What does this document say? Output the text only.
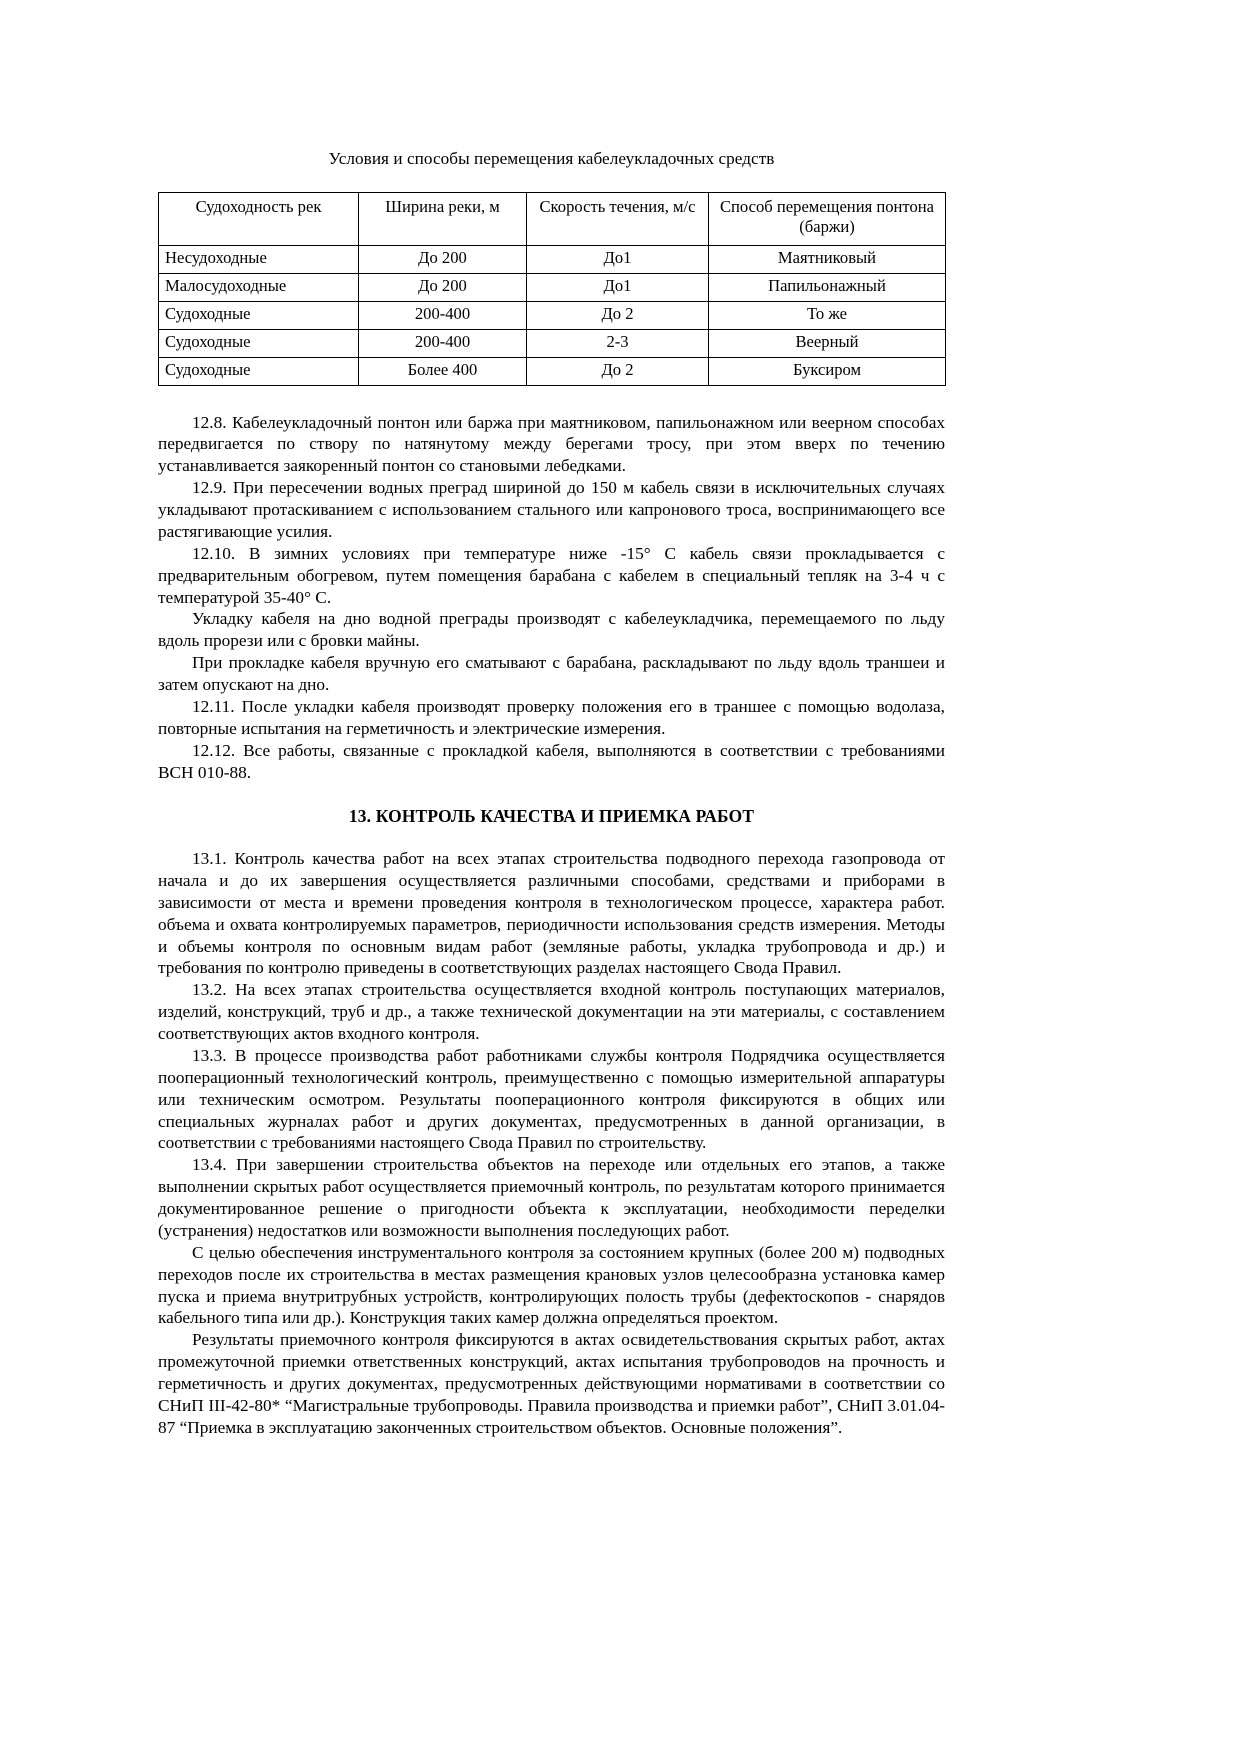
Условия и способы перемещения кабелеукладочных средств
Судоходность рек	Ширина реки, м	Скорость течения, м/с	Способ перемещения понтона (баржи)
Несудоходные	До 200	До1	Маятниковый
Малосудоходные	До 200	До1	Папильонажный
Судоходные	200-400	До 2	То же
Судоходные	200-400	2-3	Веерный
Судоходные	Более 400	До 2	Буксиром

12.8. Кабелеукладочный понтон или баржа при маятниковом, папильонажном или веерном способах передвигается по створу по натянутому между берегами тросу, при этом вверх по течению устанавливается заякоренный понтон со становыми лебедками.

12.9. При пересечении водных преград шириной до 150 м кабель связи в исключительных случаях укладывают протаскиванием с использованием стального или капронового троса, воспринимающего все растягивающие усилия.

12.10. В зимних условиях при температуре ниже -15° С кабель связи прокладывается с предварительным обогревом, путем помещения барабана с кабелем в специальный тепляк на 3-4 ч с температурой 35-40° С.

Укладку кабеля на дно водной преграды производят с кабелеукладчика, перемещаемого по льду вдоль прорези или с бровки майны.

При прокладке кабеля вручную его сматывают с барабана, раскладывают по льду вдоль траншеи и затем опускают на дно.

12.11. После укладки кабеля производят проверку положения его в траншее с помощью водолаза, повторные испытания на герметичность и электрические измерения.

12.12. Все работы, связанные с прокладкой кабеля, выполняются в соответствии с требованиями ВСН 010-88.

13. КОНТРОЛЬ КАЧЕСТВА И ПРИЕМКА РАБОТ

13.1. Контроль качества работ на всех этапах строительства подводного перехода газопровода от начала и до их завершения осуществляется различными способами, средствами и приборами в зависимости от места и времени проведения контроля в технологическом процессе, характера работ. объема и охвата контролируемых параметров, периодичности использования средств измерения. Методы и объемы контроля по основным видам работ (земляные работы, укладка трубопровода и др.) и требования по контролю приведены в соответствующих разделах настоящего Свода Правил.

13.2. На всех этапах строительства осуществляется входной контроль поступающих материалов, изделий, конструкций, труб и др., а также технической документации на эти материалы, с составлением соответствующих актов входного контроля.

13.3. В процессе производства работ работниками службы контроля Подрядчика осуществляется пооперационный технологический контроль, преимущественно с помощью измерительной аппаратуры или техническим осмотром. Результаты пооперационного контроля фиксируются в общих или специальных журналах работ и других документах, предусмотренных в данной организации, в соответствии с требованиями настоящего Свода Правил по строительству.

13.4. При завершении строительства объектов на переходе или отдельных его этапов, а также выполнении скрытых работ осуществляется приемочный контроль, по результатам которого принимается документированное решение о пригодности объекта к эксплуатации, необходимости переделки (устранения) недостатков или возможности выполнения последующих работ.

С целью обеспечения инструментального контроля за состоянием крупных (более 200 м) подводных переходов после их строительства в местах размещения крановых узлов целесообразна установка камер пуска и приема внутритрубных устройств, контролирующих полость трубы (дефектоскопов - снарядов кабельного типа или др.). Конструкция таких камер должна определяться проектом.

Результаты приемочного контроля фиксируются в актах освидетельствования скрытых работ, актах промежуточной приемки ответственных конструкций, актах испытания трубопроводов на прочность и герметичность и других документах, предусмотренных действующими нормативами в соответствии со СНиП III-42-80* “Магистральные трубопроводы. Правила производства и приемки работ”, СНиП 3.01.04-87 “Приемка в эксплуатацию законченных строительством объектов. Основные положения”.
